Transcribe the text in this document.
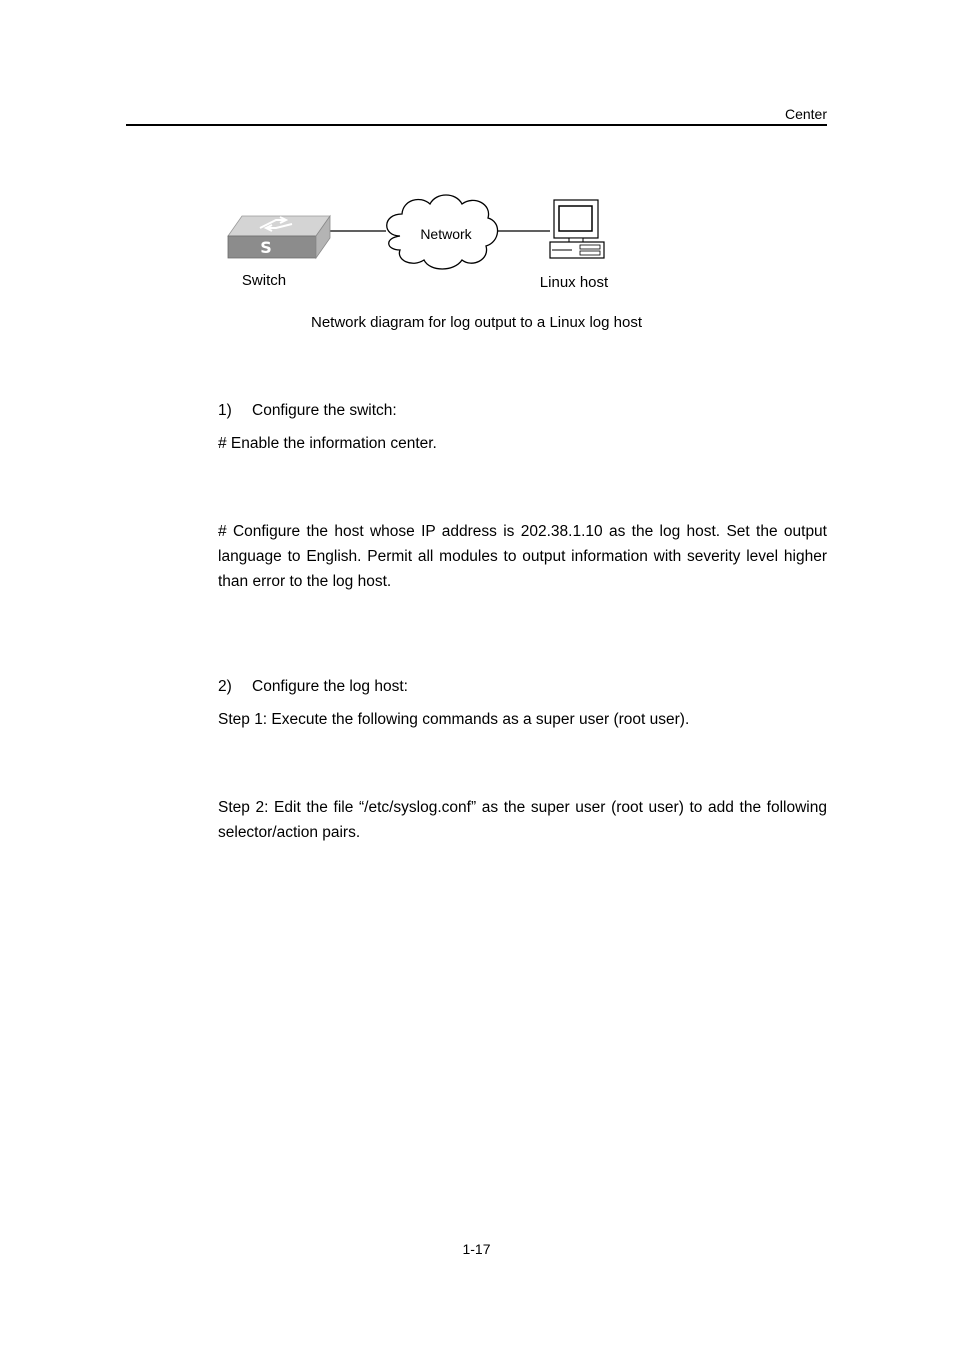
Center
S
Network
Switch	Linux host
Network diagram for log output to a Linux log host
1) Configure the switch:
# Enable the information center.
# Configure the host whose IP address is 202.38.1.10 as the log host. Set the output language to English. Permit all modules to output information with severity level higher than error to the log host.
2) Configure the log host:
Step 1: Execute the following commands as a super user (root user).
Step 2: Edit the file “/etc/syslog.conf” as the super user (root user) to add the following selector/action pairs.
1-17
